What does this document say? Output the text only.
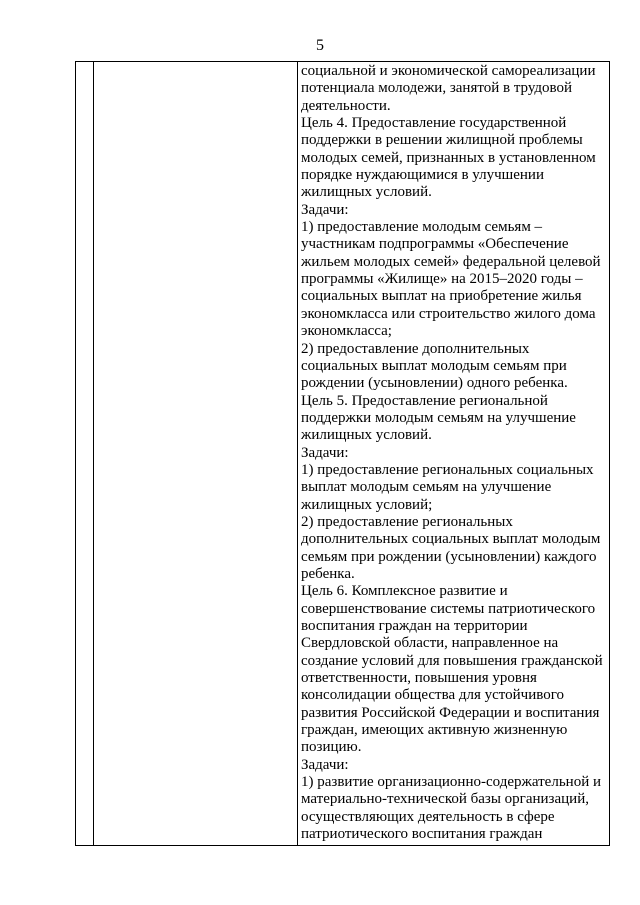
5
социальной и экономической самореализации
потенциала молодежи, занятой в трудовой
деятельности.
Цель 4. Предоставление государственной
поддержки в решении жилищной проблемы
молодых семей, признанных в установленном
порядке нуждающимися в улучшении
жилищных условий.
Задачи:
1) предоставление молодым семьям –
участникам подпрограммы «Обеспечение
жильем молодых семей» федеральной целевой
программы «Жилище» на 2015–2020 годы –
социальных выплат на приобретение жилья
экономкласса или строительство жилого дома
экономкласса;
2) предоставление дополнительных
социальных выплат молодым семьям при
рождении (усыновлении) одного ребенка.
Цель 5. Предоставление региональной
поддержки молодым семьям на улучшение
жилищных условий.
Задачи:
1) предоставление региональных социальных
выплат молодым семьям на улучшение
жилищных условий;
2) предоставление региональных
дополнительных социальных выплат молодым
семьям при рождении (усыновлении) каждого
ребенка.
Цель 6. Комплексное развитие и
совершенствование системы патриотического
воспитания граждан на территории
Свердловской области, направленное на
создание условий для повышения гражданской
ответственности, повышения уровня
консолидации общества для устойчивого
развития Российской Федерации и воспитания
граждан, имеющих активную жизненную
позицию.
Задачи:
1) развитие организационно-содержательной и
материально-технической базы организаций,
осуществляющих деятельность в сфере
патриотического воспитания граждан
